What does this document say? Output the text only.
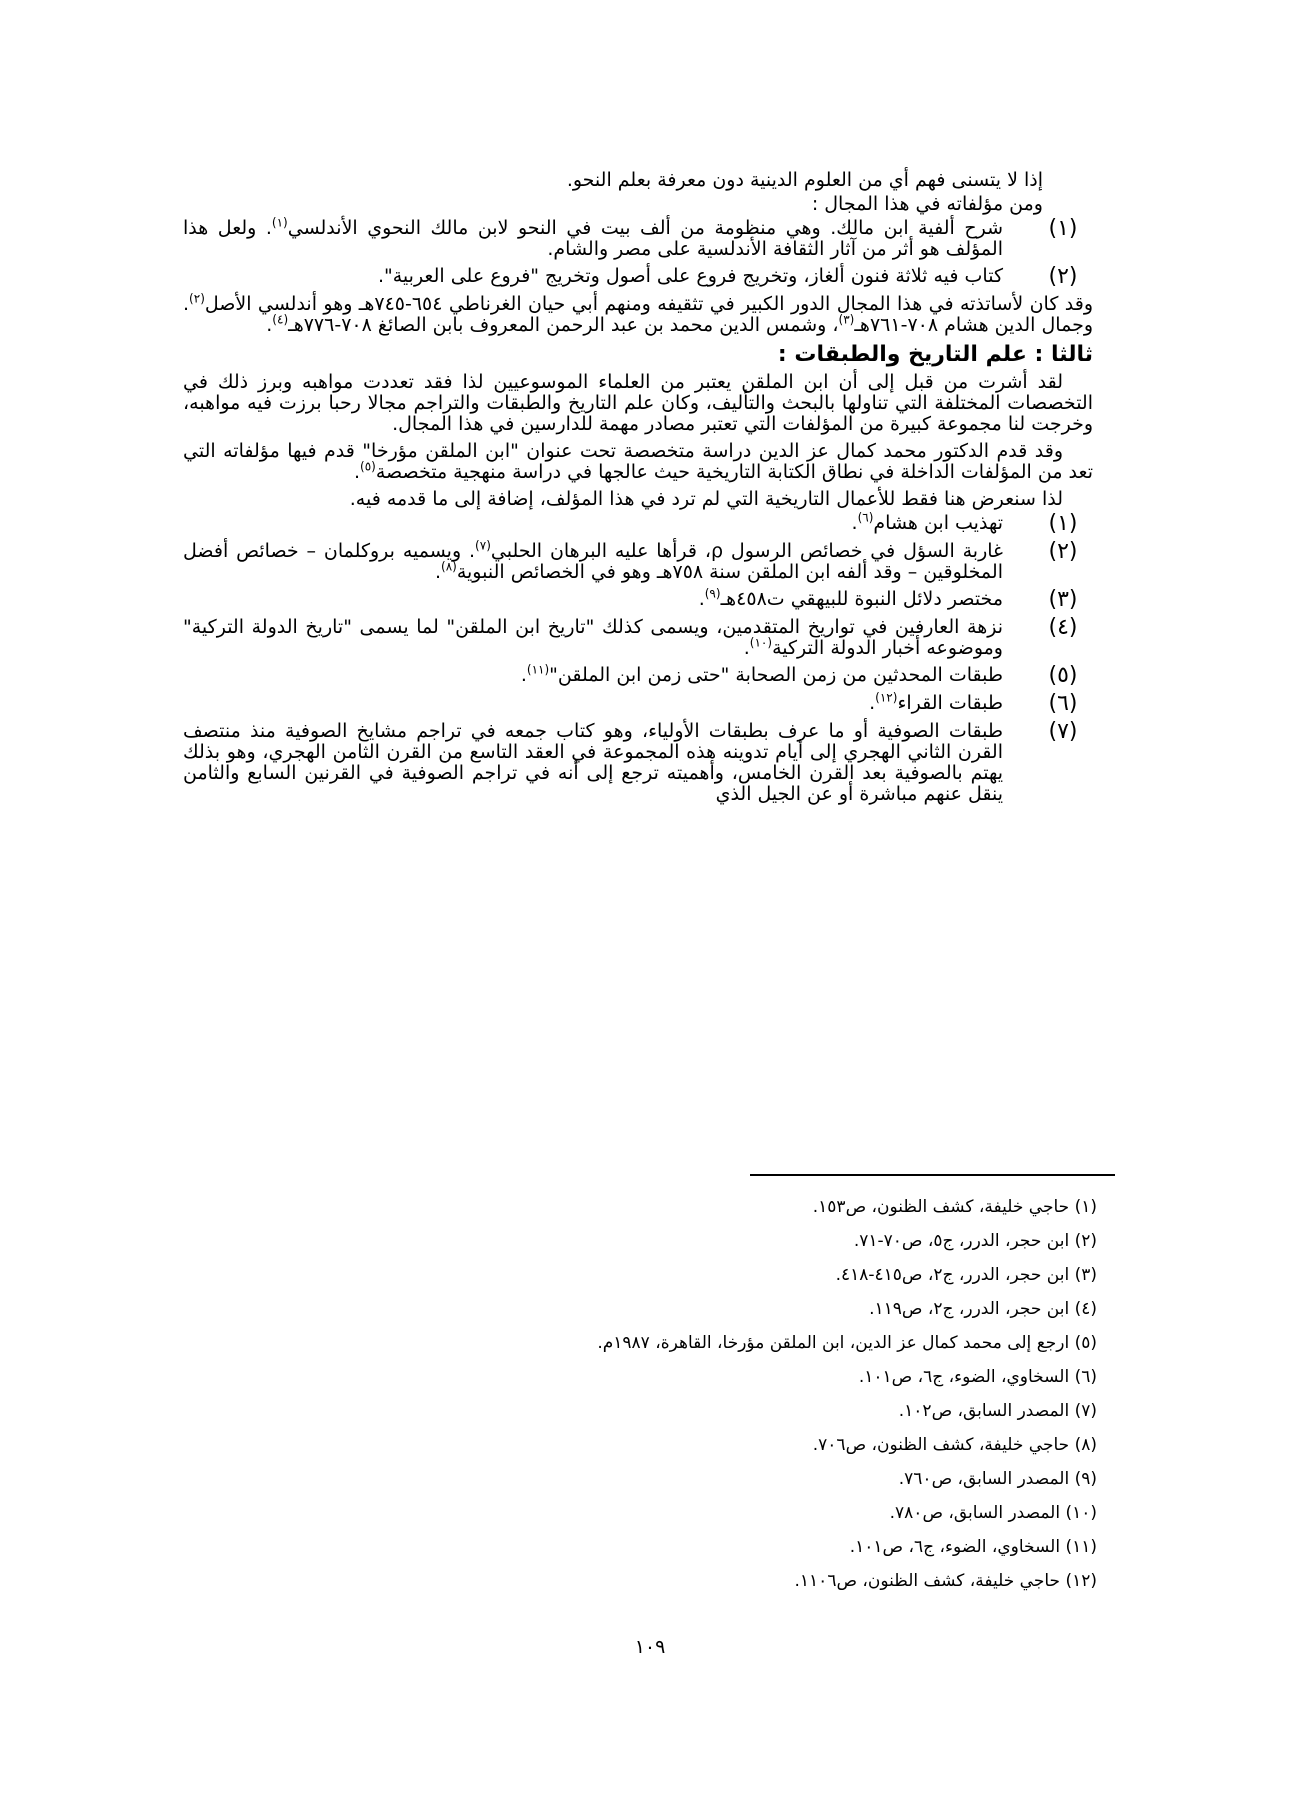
إذا لا يتسنى فهم أي من العلوم الدينية دون معرفة بعلم النحو.

ومن مؤلفاته في هذا المجال :

(١)
شرح ألفية ابن مالك. وهي منظومة من ألف بيت في النحو لابن مالك النحوي الأندلسي$^{(١)}$. ولعل هذا المؤلف هو أثر من آثار الثقافة الأندلسية على مصر والشام.
(٢)
كتاب فيه ثلاثة فنون ألغاز، وتخريج فروع على أصول وتخريج "فروع على العربية".

وقد كان لأساتذته في هذا المجال الدور الكبير في تثقيفه ومنهم أبي حيان الغرناطي ٦٥٤-٧٤٥هـ وهو أندلسي الأصل$^{(٢)}$. وجمال الدين هشام ٧٠٨-٧٦١هـ$^{(٣)}$، وشمس الدين محمد بن عبد الرحمن المعروف بابن الصائغ ٧٠٨-٧٧٦هـ$^{(٤)}$.

ثالثا : علم التاريخ والطبقات :

لقد أشرت من قبل إلى أن ابن الملقن يعتبر من العلماء الموسوعيين لذا فقد تعددت مواهبه وبرز ذلك في التخصصات المختلفة التي تناولها بالبحث والتأليف، وكان علم التاريخ والطبقات والتراجم مجالا رحبا برزت فيه مواهبه، وخرجت لنا مجموعة كبيرة من المؤلفات التي تعتبر مصادر مهمة للدارسين في هذا المجال.

وقد قدم الدكتور محمد كمال عز الدين دراسة متخصصة تحت عنوان "ابن الملقن مؤرخا" قدم فيها مؤلفاته التي تعد من المؤلفات الداخلة في نطاق الكتابة التاريخية حيث عالجها في دراسة منهجية متخصصة$^{(٥)}$.

لذا سنعرض هنا فقط للأعمال التاريخية التي لم ترد في هذا المؤلف، إضافة إلى ما قدمه فيه.

(١)
تهذيب ابن هشام$^{(٦)}$.
(٢)
غاربة السؤل في خصائص الرسول ρ، قرأها عليه البرهان الحلبي$^{(٧)}$. ويسميه بروكلمان – خصائص أفضل المخلوقين – وقد ألفه ابن الملقن سنة ٧٥٨هـ وهو في الخصائص النبوية$^{(٨)}$.
(٣)
مختصر دلائل النبوة للبيهقي ت٤٥٨هـ$^{(٩)}$.
(٤)
نزهة العارفين في تواريخ المتقدمين، ويسمى كذلك "تاريخ ابن الملقن" لما يسمى "تاريخ الدولة التركية" وموضوعه أخبار الدولة التركية$^{(١٠)}$.
(٥)
طبقات المحدثين من زمن الصحابة "حتى زمن ابن الملقن"$^{(١١)}$.
(٦)
طبقات القراء$^{(١٢)}$.
(٧)
طبقات الصوفية أو ما عرف بطبقات الأولياء، وهو كتاب جمعه في تراجم مشايخ الصوفية منذ منتصف القرن الثاني الهجري إلى أيام تدوينه هذه المجموعة في العقد التاسع من القرن الثامن الهجري، وهو بذلك يهتم بالصوفية بعد القرن الخامس، وأهميته ترجع إلى أنه في تراجم الصوفية في القرنين السابع والثامن ينقل عنهم مباشرة أو عن الجيل الذي
(١) حاجي خليفة، كشف الظنون، ص١٥٣.
(٢) ابن حجر، الدرر، ج٥، ص٧٠-٧١.
(٣) ابن حجر، الدرر، ج٢، ص٤١٥-٤١٨.
(٤) ابن حجر، الدرر، ج٢، ص١١٩.
(٥) ارجع إلى محمد كمال عز الدين، ابن الملقن مؤرخا، القاهرة، ١٩٨٧م.
(٦) السخاوي، الضوء، ج٦، ص١٠١.
(٧) المصدر السابق، ص١٠٢.
(٨) حاجي خليفة، كشف الظنون، ص٧٠٦.
(٩) المصدر السابق، ص٧٦٠.
(١٠) المصدر السابق، ص٧٨٠.
(١١) السخاوي، الضوء، ج٦، ص١٠١.
(١٢) حاجي خليفة، كشف الظنون، ص١١٠٦.
١٠٩
